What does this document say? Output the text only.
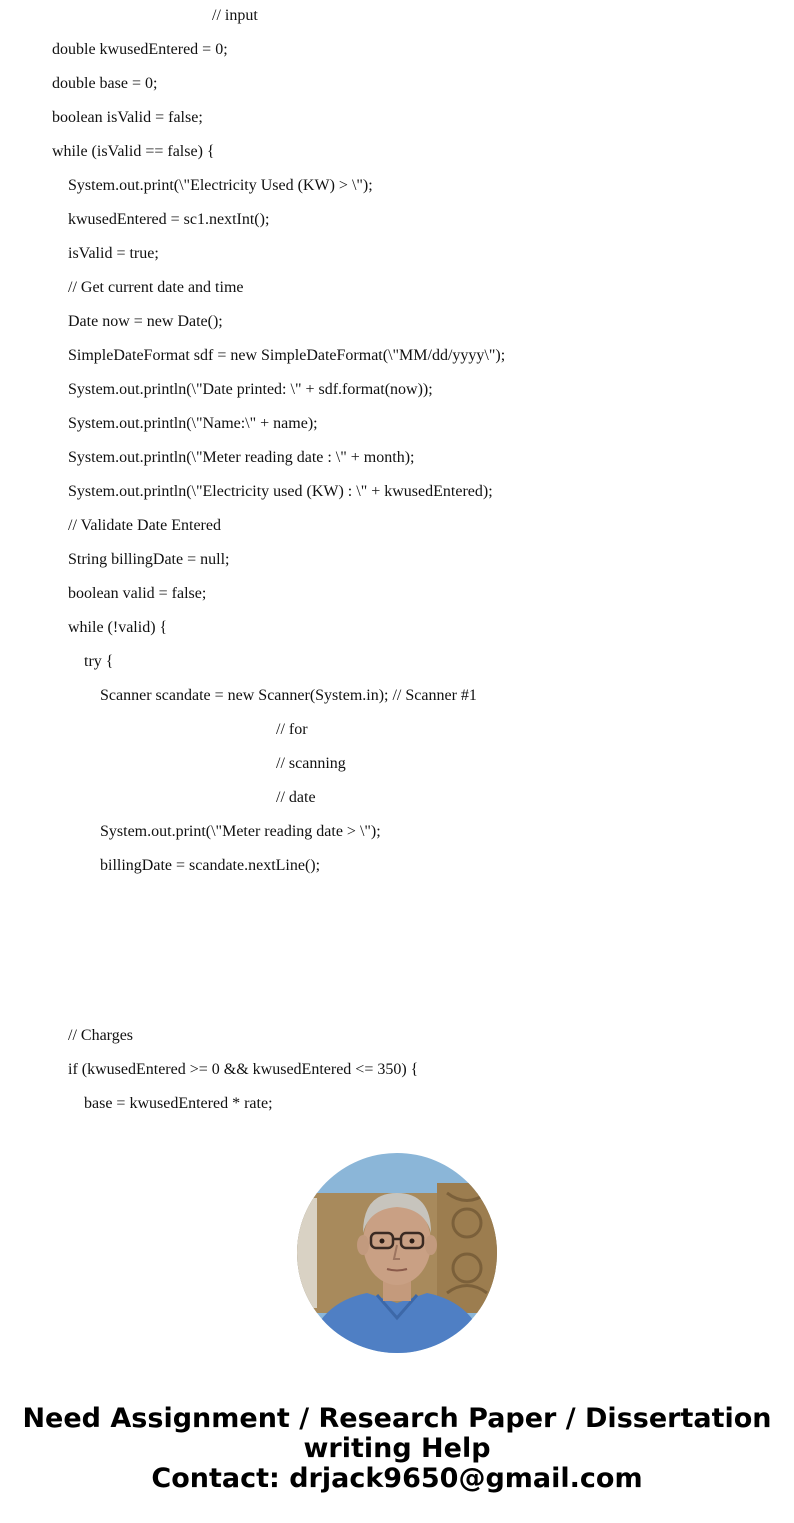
// input
double kwusedEntered = 0;
double base = 0;
boolean isValid = false;
while (isValid == false) {
System.out.print(\"Electricity Used (KW) > \");
kwusedEntered = sc1.nextInt();
isValid = true;
// Get current date and time
Date now = new Date();
SimpleDateFormat sdf = new SimpleDateFormat(\"MM/dd/yyyy\");
System.out.println(\"Date printed: \" + sdf.format(now));
System.out.println(\"Name:\" + name);
System.out.println(\"Meter reading date : \" + month);
System.out.println(\"Electricity used (KW) : \" + kwusedEntered);
// Validate Date Entered
String billingDate = null;
boolean valid = false;
while (!valid) {
try {
Scanner scandate = new Scanner(System.in); // Scanner #1
// for
// scanning
// date
System.out.print(\"Meter reading date > \");
billingDate = scandate.nextLine();
// Charges
if (kwusedEntered >= 0 && kwusedEntered <= 350) {
base = kwusedEntered * rate;
Need Assignment / Research Paper / Dissertation
writing Help
Contact: drjack9650@gmail.com
